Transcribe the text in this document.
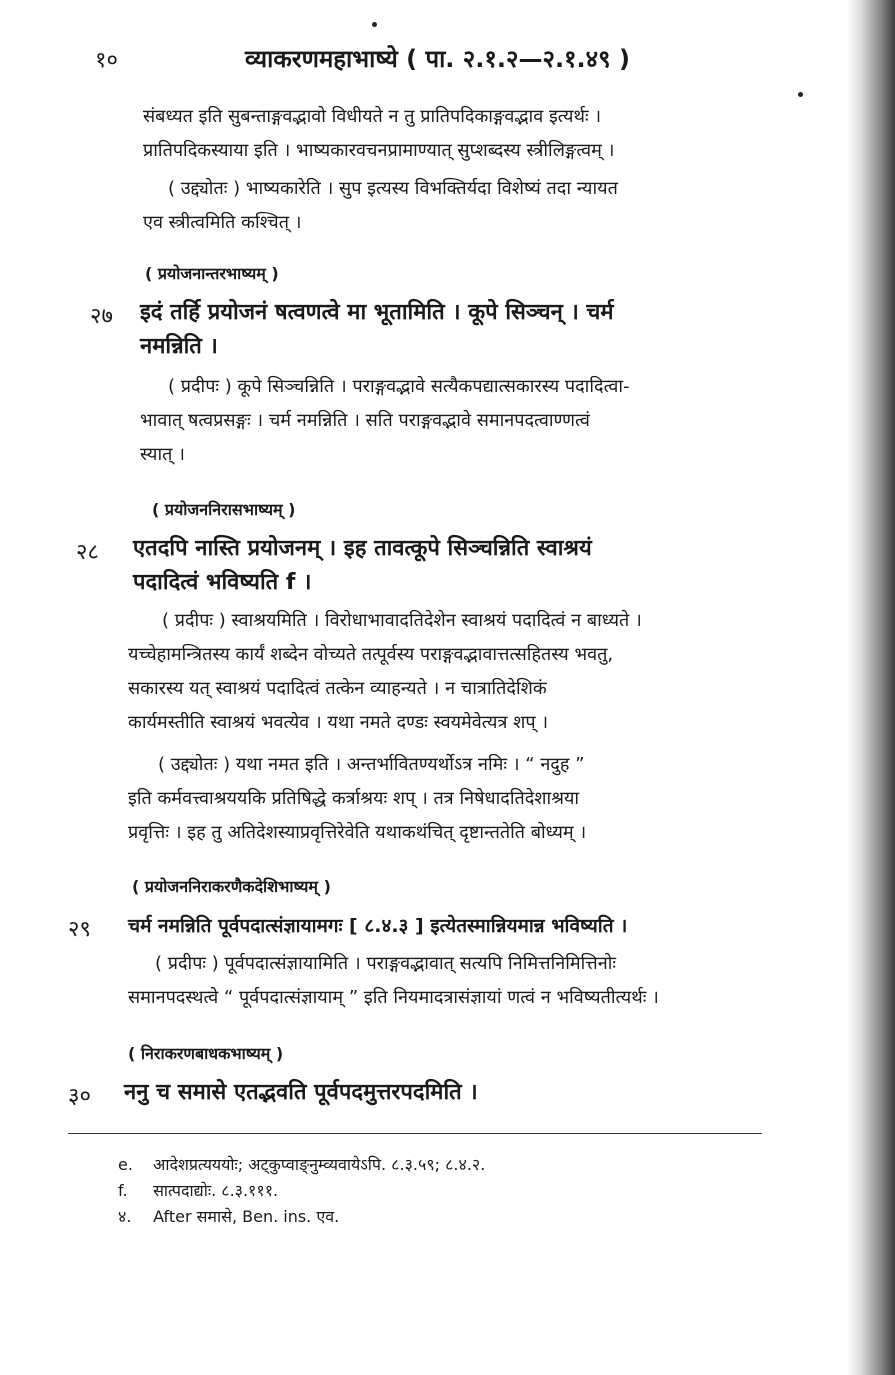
१०	व्याकरणमहाभाष्ये ( पा. २.१.२—२.१.४९ )
संबध्यत इति सुबन्ताङ्गवद्भावो विधीयते न तु प्रातिपदिकाङ्गवद्भाव इत्यर्थः ।
प्रातिपदिकस्याया इति । भाष्यकारवचनप्रामाण्यात् सुप्शब्दस्य स्त्रीलिङ्गत्वम् ।
( उद्द्योतः ) भाष्यकारेति । सुप इत्यस्य विभक्तिर्यदा विशेष्यं तदा न्यायत
एव स्त्रीत्वमिति कश्चित् ।
( प्रयोजनान्तरभाष्यम् )
२७ इदं तर्हि प्रयोजनं षत्वणत्वे मा भूतामिति । कूपे सिञ्चन् । चर्म
नमन्निति ।
( प्रदीपः ) कूपे सिञ्चन्निति । पराङ्गवद्भावे सत्यैकपद्यात्सकारस्य पदादित्वा-
भावात् षत्वप्रसङ्गः । चर्म नमन्निति । सति पराङ्गवद्भावे समानपदत्वाण्णत्वं
स्यात् ।
( प्रयोजननिरासभाष्यम् )
२८ एतदपि नास्ति प्रयोजनम् । इह तावत्कूपे सिञ्चन्निति स्वाश्रयं
पदादित्वं भविष्यति f ।
( प्रदीपः ) स्वाश्रयमिति । विरोधाभावादतिदेशेन स्वाश्रयं पदादित्वं न बाध्यते ।
यच्चेहामन्त्रितस्य कार्यं शब्देन वोच्यते तत्पूर्वस्य पराङ्गवद्भावात्तत्सहितस्य भवतु,
सकारस्य यत् स्वाश्रयं पदादित्वं तत्केन व्याहन्यते । न चात्रातिदेशिकं
कार्यमस्तीति स्वाश्रयं भवत्येव । यथा नमते दण्डः स्वयमेवेत्यत्र शप् ।
( उद्द्योतः ) यथा नमत इति । अन्तर्भावितण्यर्थोऽत्र नमिः । “ नदुह ”
इति कर्मवत्त्वाश्रययकि प्रतिषिद्धे कर्त्राश्रयः शप् । तत्र निषेधादतिदेशाश्रया
प्रवृत्तिः । इह तु अतिदेशस्याप्रवृत्तिरेवेति यथाकथंचित् दृष्टान्ततेति बोध्यम् ।
( प्रयोजननिराकरणैकदेशिभाष्यम् )
२९ चर्म नमन्निति पूर्वपदात्संज्ञायामगः [ ८.४.३ ] इत्येतस्मान्नियमान्न भविष्यति ।
( प्रदीपः ) पूर्वपदात्संज्ञायामिति । पराङ्गवद्भावात् सत्यपि निमित्तनिमित्तिनोः
समानपदस्थत्वे “ पूर्वपदात्संज्ञायाम् ” इति नियमादत्रासंज्ञायां णत्वं न भविष्यतीत्यर्थः ।
( निराकरणबाधकभाष्यम् )
३० ननु च समासे एतद्भवति पूर्वपदमुत्तरपदमिति ।
e. आदेशप्रत्यययोः; अट्कुप्वाङ्नुम्व्यवायेऽपि. ८.३.५९; ८.४.२.
f. सात्पदाद्योः. ८.३.१११.
४. After समासे, Ben. ins. एव.
